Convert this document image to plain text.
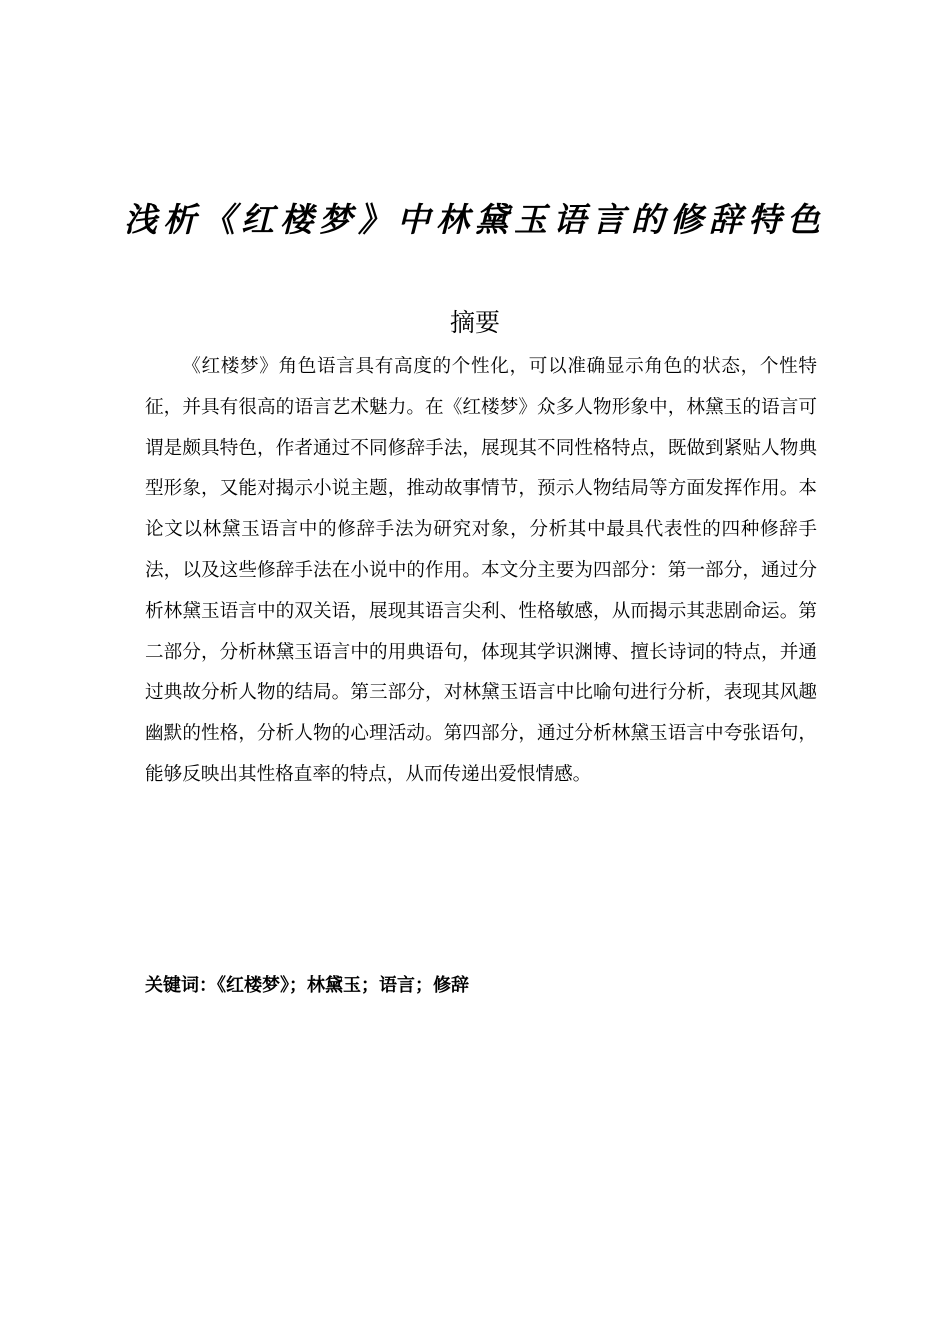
浅析《红楼梦》中林黛玉语言的修辞特色
摘要

《红楼梦》角色语言具有高度的个性化，可以准确显示角色的状态，个性特征，并具有很高的语言艺术魅力。在《红楼梦》众多人物形象中，林黛玉的语言可谓是颇具特色，作者通过不同修辞手法，展现其不同性格特点，既做到紧贴人物典型形象，又能对揭示小说主题，推动故事情节，预示人物结局等方面发挥作用。本论文以林黛玉语言中的修辞手法为研究对象，分析其中最具代表性的四种修辞手法，以及这些修辞手法在小说中的作用。本文分主要为四部分：第一部分，通过分析林黛玉语言中的双关语，展现其语言尖利、性格敏感，从而揭示其悲剧命运。第二部分，分析林黛玉语言中的用典语句，体现其学识渊博、擅长诗词的特点，并通过典故分析人物的结局。第三部分，对林黛玉语言中比喻句进行分析，表现其风趣幽默的性格，分析人物的心理活动。第四部分，通过分析林黛玉语言中夸张语句，能够反映出其性格直率的特点，从而传递出爱恨情感。

关键词：《红楼梦》；林黛玉；语言；修辞
